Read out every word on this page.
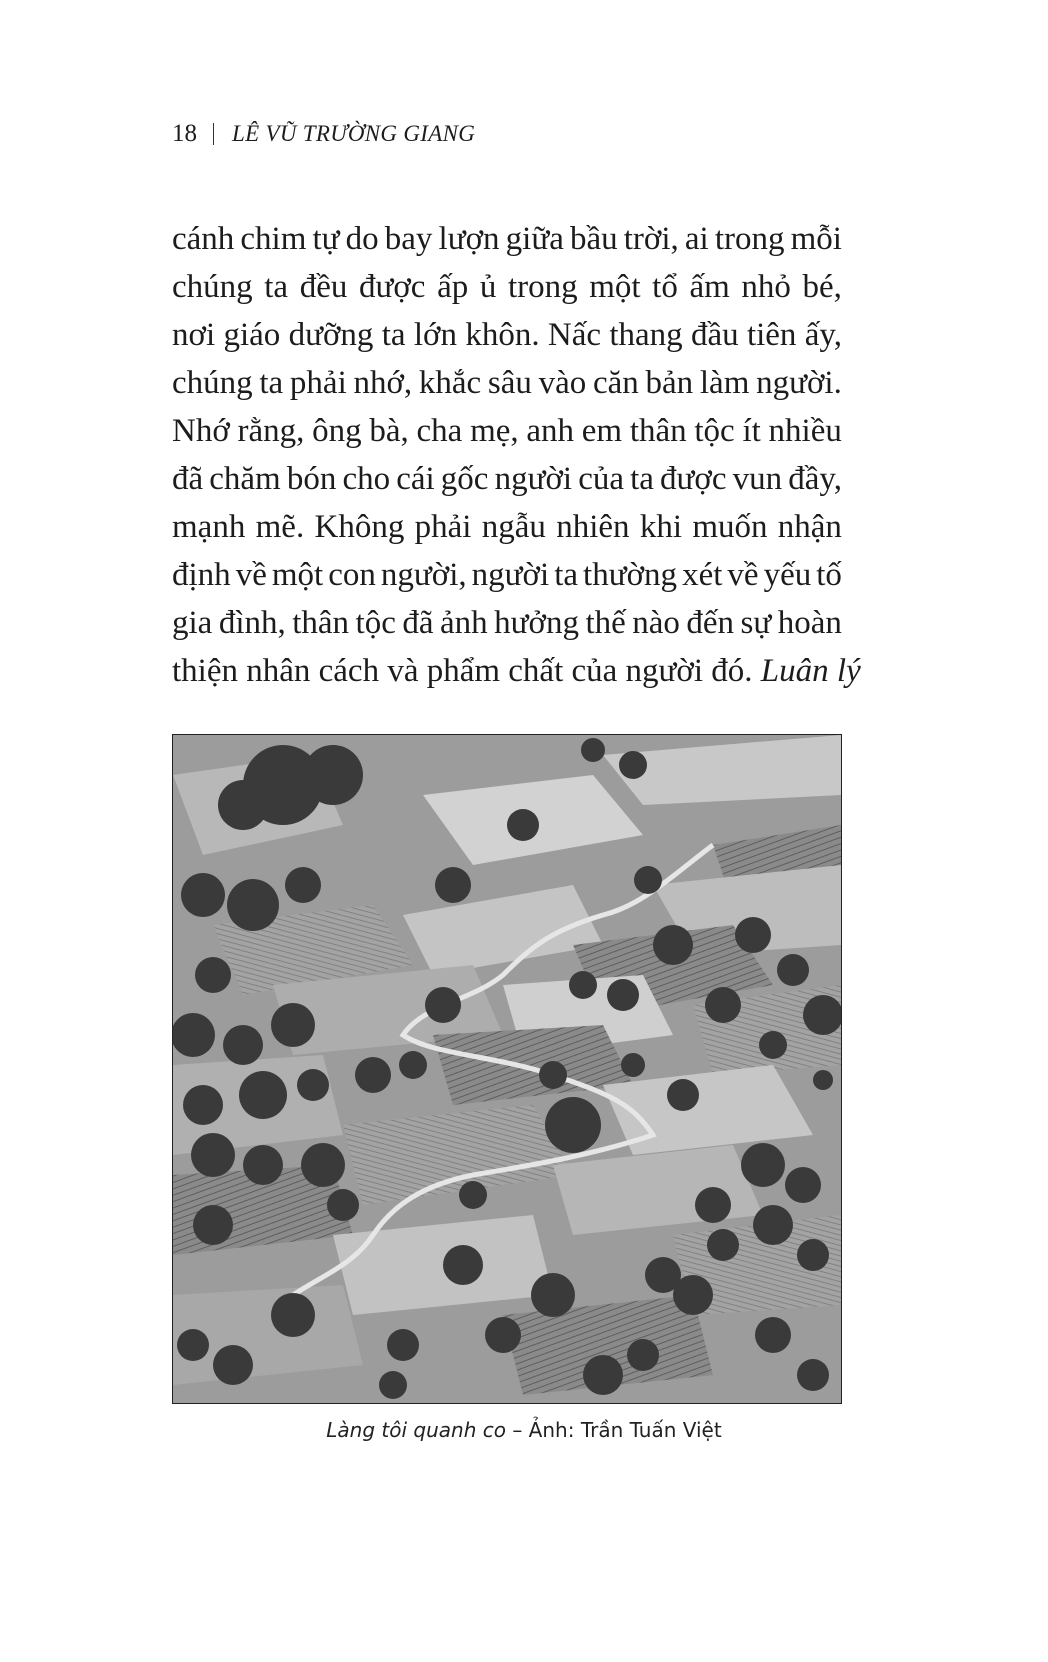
18 LÊ VŨ TRƯỜNG GIANG
cánh chim tự do bay lượn giữa bầu trời, ai trong mỗi
chúng ta đều được ấp ủ trong một tổ ấm nhỏ bé,
nơi giáo dưỡng ta lớn khôn. Nấc thang đầu tiên ấy,
chúng ta phải nhớ, khắc sâu vào căn bản làm người.
Nhớ rằng, ông bà, cha mẹ, anh em thân tộc ít nhiều
đã chăm bón cho cái gốc người của ta được vun đầy,
mạnh mẽ. Không phải ngẫu nhiên khi muốn nhận
định về một con người, người ta thường xét về yếu tố
gia đình, thân tộc đã ảnh hưởng thế nào đến sự hoàn
thiện nhân cách và phẩm chất của người đó.
Luân lý
Làng tôi quanh co – Ảnh: Trần Tuấn Việt
